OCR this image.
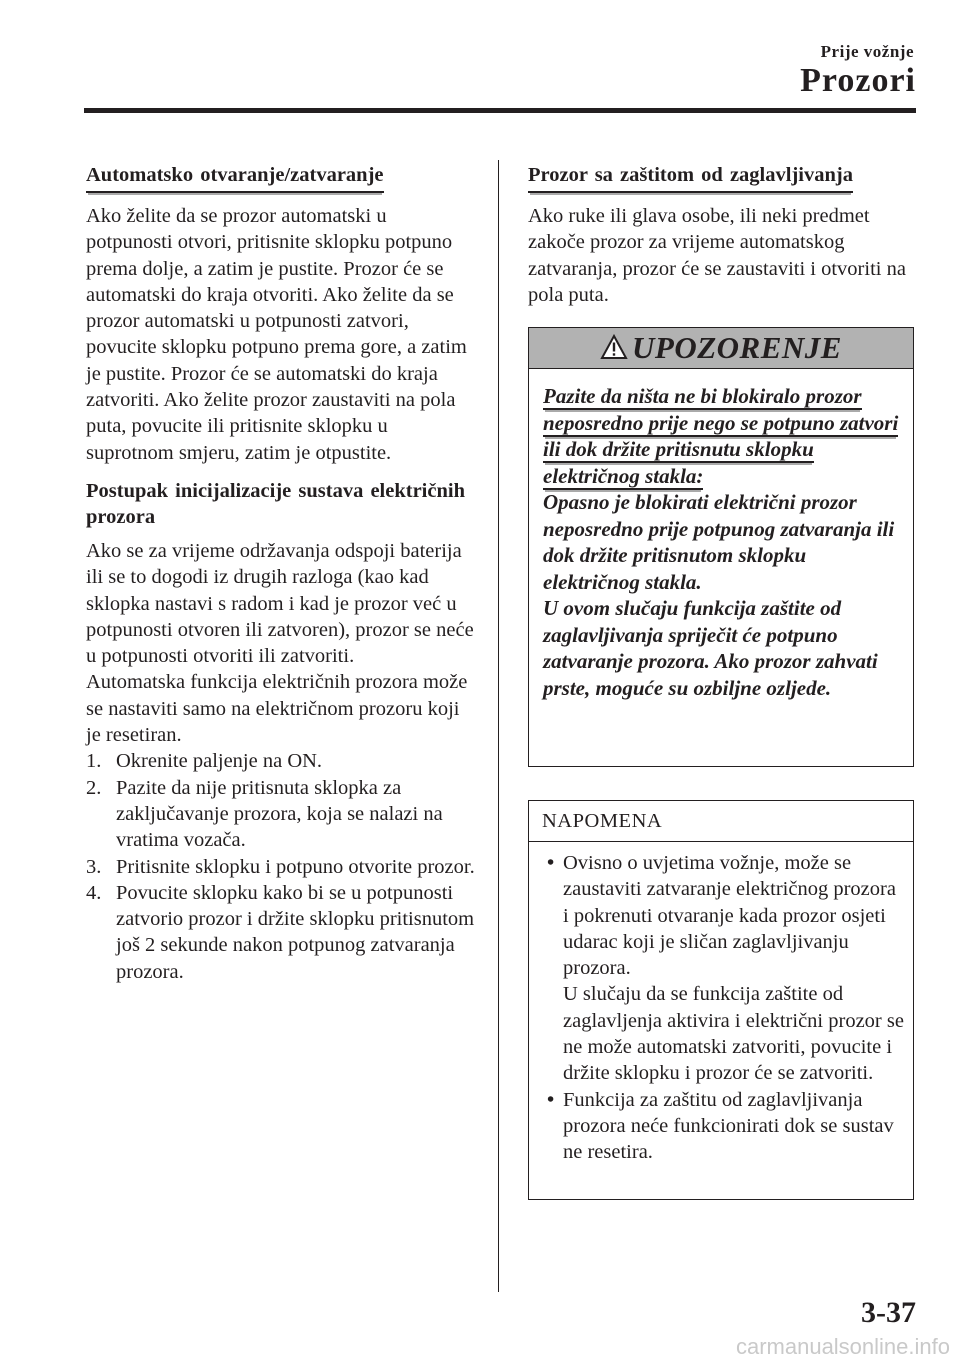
Prije vožnje
Prozori
Automatsko otvaranje/zatvaranje

Ako želite da se prozor automatski u potpunosti otvori, pritisnite sklopku potpuno prema dolje, a zatim je pustite. Prozor će se automatski do kraja otvoriti. Ako želite da se prozor automatski u potpunosti zatvori, povucite sklopku potpuno prema gore, a zatim je pustite. Prozor će se automatski do kraja zatvoriti. Ako želite prozor zaustaviti na pola puta, povucite ili pritisnite sklopku u suprotnom smjeru, zatim je otpustite.

Postupak inicijalizacije sustava električnih prozora

Ako se za vrijeme održavanja odspoji baterija ili se to dogodi iz drugih razloga (kao kad sklopka nastavi s radom i kad je prozor već u potpunosti otvoren ili zatvoren), prozor se neće u potpunosti otvoriti ili zatvoriti.

Automatska funkcija električnih prozora može se nastaviti samo na električnom prozoru koji je resetiran.

1. Okrenite paljenje na ON.
2. Pazite da nije pritisnuta sklopka za zaključavanje prozora, koja se nalazi na vratima vozača.
3. Pritisnite sklopku i potpuno otvorite prozor.
4. Povucite sklopku kako bi se u potpunosti zatvorio prozor i držite sklopku pritisnutom još 2 sekunde nakon potpunog zatvaranja prozora.
Prozor sa zaštitom od zaglavljivanja

Ako ruke ili glava osobe, ili neki predmet zakoče prozor za vrijeme automatskog zatvaranja, prozor će se zaustaviti i otvoriti na pola puta.

UPOZORENJE
Pazite da ništa ne bi blokiralo prozor neposredno prije nego se potpuno zatvori ili dok držite pritisnutu sklopku električnog stakla:
Opasno je blokirati električni prozor neposredno prije potpunog zatvaranja ili dok držite pritisnutom sklopku električnog stakla.
U ovom slučaju funkcija zaštite od zaglavljivanja spriječit će potpuno zatvaranje prozora. Ako prozor zahvati prste, moguće su ozbiljne ozljede.
NAPOMENA
• Ovisno o uvjetima vožnje, može se zaustaviti zatvaranje električnog prozora i pokrenuti otvaranje kada prozor osjeti udarac koji je sličan zaglavljivanju prozora.
U slučaju da se funkcija zaštite od zaglavljenja aktivira i električni prozor se ne može automatski zatvoriti, povucite i držite sklopku i prozor će se zatvoriti.
• Funkcija za zaštitu od zaglavljivanja prozora neće funkcionirati dok se sustav ne resetira.
3-37
carmanualsonline.info
